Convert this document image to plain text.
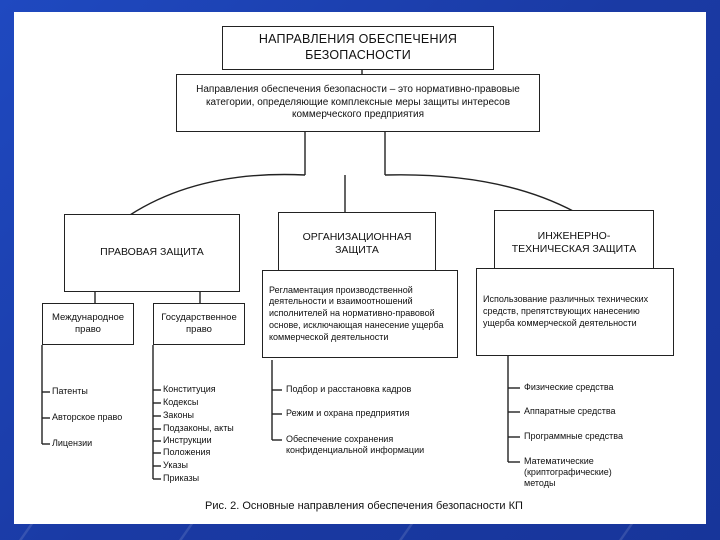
НАПРАВЛЕНИЯ ОБЕСПЕЧЕНИЯ БЕЗОПАСНОСТИ
Направления обеспечения безопасности – это нормативно-правовые категории, определяющие комплексные меры защиты интересов коммерческого предприятия
ПРАВОВАЯ ЗАЩИТА
ОРГАНИЗАЦИОННАЯ ЗАЩИТА
Регламентация производственной деятельности и взаимоотношений исполнителей на нормативно-правовой основе, исключающая нанесение ущерба коммерческой деятельности
ИНЖЕНЕРНО-ТЕХНИЧЕСКАЯ ЗАЩИТА
Использование различных технических средств, препятствующих нанесению ущерба коммерческой деятельности
Международное право
Государственное право
Патенты
Авторское право
Лицензии
Конституция
Кодексы
Законы
Подзаконы, акты
Инструкции
Положения
Указы
Приказы
Подбор и расстановка кадров
Режим и охрана предприятия
Обеспечение сохранения конфиденциальной информации
Физические средства
Аппаратные средства
Программные средства
Математические (криптографические) методы
Рис. 2. Основные направления обеспечения безопасности КП
